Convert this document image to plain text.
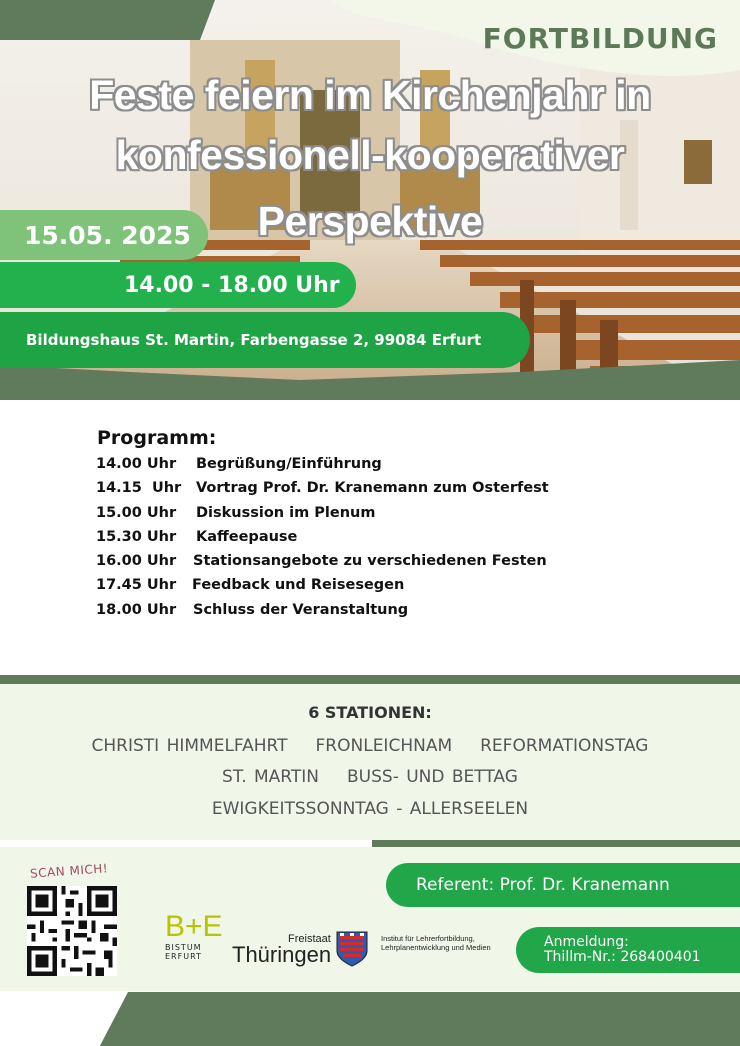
FORTBILDUNG
Feste feiern im Kirchenjahr in
konfessionell-kooperativer
Perspektive
15.05. 2025
14.00 - 18.00 Uhr
Bildungshaus St. Martin, Farbengasse 2, 99084 Erfurt
Programm:
14.00 Uhr Begrüßung/Einführung
14.15  Uhr Vortrag Prof. Dr. Kranemann zum Osterfest
15.00 Uhr Diskussion im Plenum
15.30 Uhr Kaffeepause
16.00 Uhr Stationsangebote zu verschiedenen Festen
17.45 Uhr Feedback und Reisesegen
18.00 Uhr Schluss der Veranstaltung
6 STATIONEN:
CHRISTI HIMMELFAHRT FRONLEICHNAM REFORMATIONSTAG
ST. MARTIN BUSS- UND BETTAG
EWIGKEITSSONNTAG - ALLERSEELEN
SCAN MICH!
B+E
BISTUM
ERFURT
Freistaat
Thüringen
Institut für Lehrerfortbildung, Lehrplanentwicklung und Medien
Referent: Prof. Dr. Kranemann
Anmeldung:
Thillm-Nr.: 268400401
